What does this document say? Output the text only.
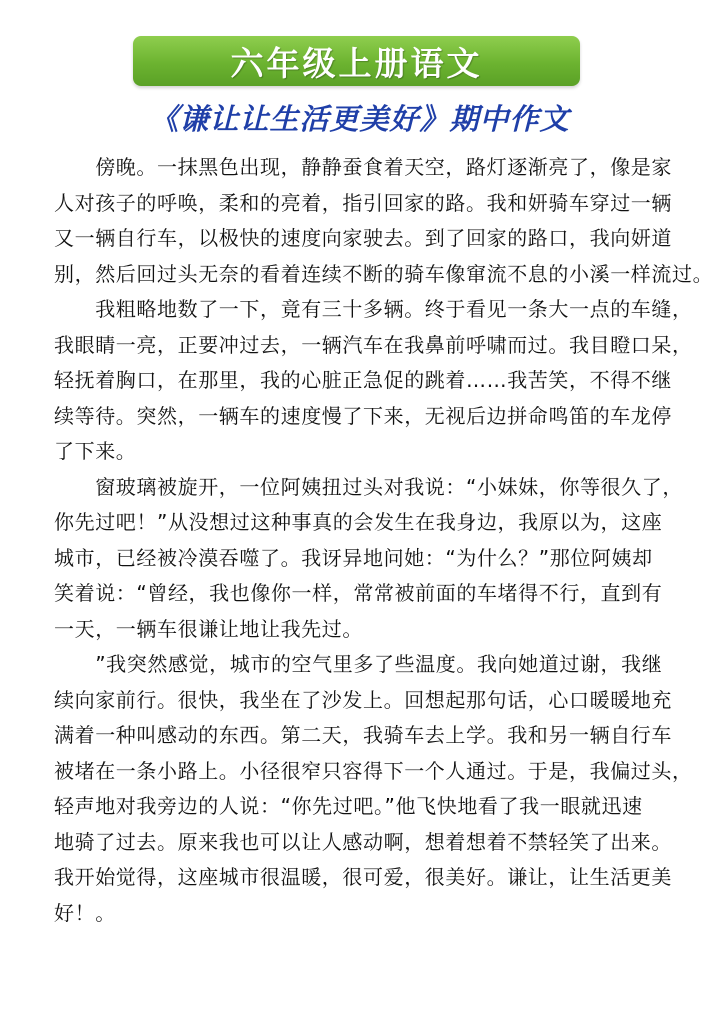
六年级上册语文
《谦让让生活更美好》期中作文
　　傍晚。一抹黑色出现，静静蚕食着天空，路灯逐渐亮了，像是家
人对孩子的呼唤，柔和的亮着，指引回家的路。我和妍骑车穿过一辆
又一辆自行车，以极快的速度向家驶去。到了回家的路口，我向妍道
别，然后回过头无奈的看着连续不断的骑车像窜流不息的小溪一样流过。
　　我粗略地数了一下，竟有三十多辆。终于看见一条大一点的车缝，
我眼睛一亮，正要冲过去，一辆汽车在我鼻前呼啸而过。我目瞪口呆，
轻抚着胸口，在那里，我的心脏正急促的跳着……我苦笑，不得不继
续等待。突然，一辆车的速度慢了下来，无视后边拼命鸣笛的车龙停
了下来。
　　窗玻璃被旋开，一位阿姨扭过头对我说：“小妹妹，你等很久了，
你先过吧！”从没想过这种事真的会发生在我身边，我原以为，这座
城市，已经被冷漠吞噬了。我讶异地问她：“为什么？”那位阿姨却
笑着说：“曾经，我也像你一样，常常被前面的车堵得不行，直到有
一天，一辆车很谦让地让我先过。
　　”我突然感觉，城市的空气里多了些温度。我向她道过谢，我继
续向家前行。很快，我坐在了沙发上。回想起那句话，心口暖暖地充
满着一种叫感动的东西。第二天，我骑车去上学。我和另一辆自行车
被堵在一条小路上。小径很窄只容得下一个人通过。于是，我偏过头，
轻声地对我旁边的人说：“你先过吧。”他飞快地看了我一眼就迅速
地骑了过去。原来我也可以让人感动啊，想着想着不禁轻笑了出来。
我开始觉得，这座城市很温暖，很可爱，很美好。谦让，让生活更美
好！。
